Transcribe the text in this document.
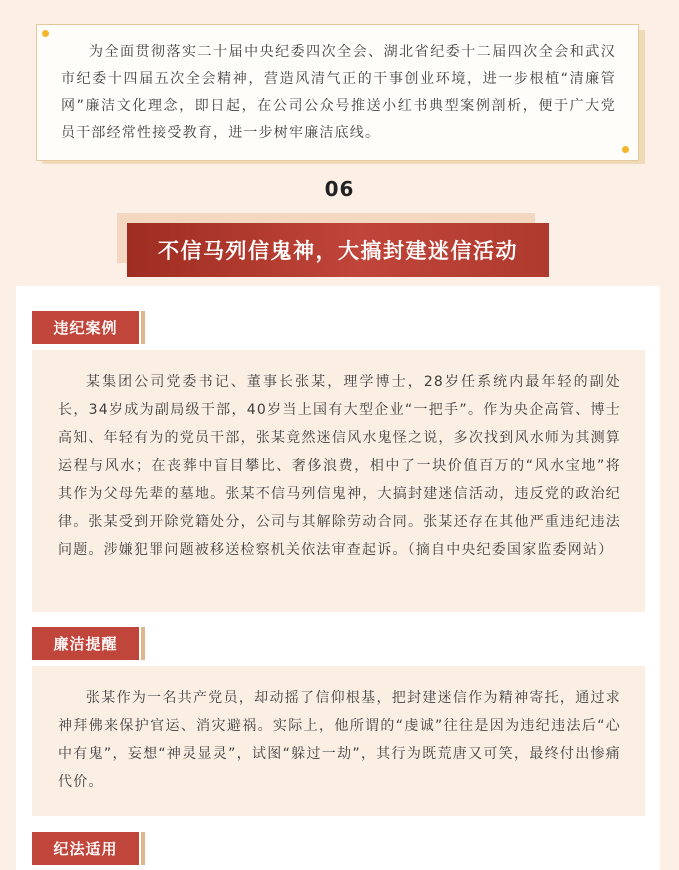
为全面贯彻落实二十届中央纪委四次全会、湖北省纪委十二届四次全会和武汉市纪委十四届五次全会精神，营造风清气正的干事创业环境，进一步根植“清廉管网”廉洁文化理念，即日起，在公司公众号推送小红书典型案例剖析，便于广大党员干部经常性接受教育，进一步树牢廉洁底线。

06
不信马列信鬼神，大搞封建迷信活动
违纪案例

某集团公司党委书记、董事长张某，理学博士，28岁任系统内最年轻的副处长，34岁成为副局级干部，40岁当上国有大型企业“一把手”。作为央企高管、博士高知、年轻有为的党员干部，张某竟然迷信风水鬼怪之说，多次找到风水师为其测算运程与风水；在丧葬中盲目攀比、奢侈浪费，相中了一块价值百万的“风水宝地”将其作为父母先辈的墓地。张某不信马列信鬼神，大搞封建迷信活动，违反党的政治纪律。张某受到开除党籍处分，公司与其解除劳动合同。张某还存在其他严重违纪违法问题。涉嫌犯罪问题被移送检察机关依法审查起诉。（摘自中央纪委国家监委网站）

廉洁提醒

张某作为一名共产党员，却动摇了信仰根基，把封建迷信作为精神寄托，通过求神拜佛来保护官运、消灾避祸。实际上，他所谓的“虔诚”往往是因为违纪违法后“心中有鬼”，妄想“神灵显灵”，试图“躲过一劫”，其行为既荒唐又可笑，最终付出惨痛代价。

纪法适用
